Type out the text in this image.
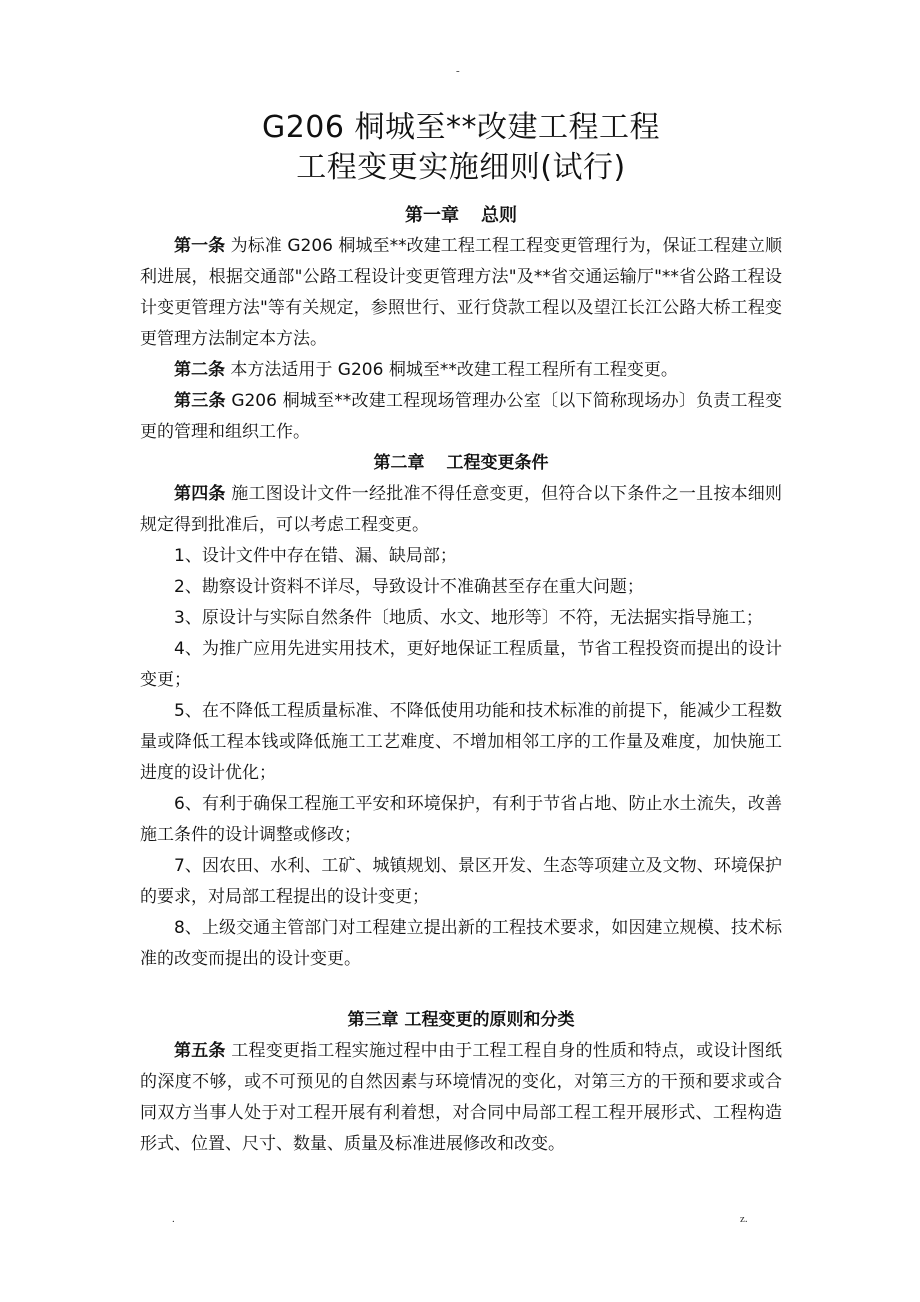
-
G206 桐城至**改建工程工程
工程变更实施细则(试行)
第一章 总则

第一条 为标准 G206 桐城至**改建工程工程工程变更管理行为，保证工程建立顺利进展，根据交通部"公路工程设计变更管理方法"及**省交通运输厅"**省公路工程设计变更管理方法"等有关规定，参照世行、亚行贷款工程以及望江长江公路大桥工程变更管理方法制定本方法。

第二条 本方法适用于 G206 桐城至**改建工程工程所有工程变更。

第三条 G206 桐城至**改建工程现场管理办公室〔以下简称现场办〕负责工程变更的管理和组织工作。

第二章 工程变更条件

第四条 施工图设计文件一经批准不得任意变更，但符合以下条件之一且按本细则规定得到批准后，可以考虑工程变更。

1、设计文件中存在错、漏、缺局部；

2、勘察设计资料不详尽，导致设计不准确甚至存在重大问题；

3、原设计与实际自然条件〔地质、水文、地形等〕不符，无法据实指导施工；

4、为推广应用先进实用技术，更好地保证工程质量，节省工程投资而提出的设计变更；

5、在不降低工程质量标准、不降低使用功能和技术标准的前提下，能减少工程数量或降低工程本钱或降低施工工艺难度、不增加相邻工序的工作量及难度，加快施工进度的设计优化；

6、有利于确保工程施工平安和环境保护，有利于节省占地、防止水土流失，改善施工条件的设计调整或修改；

7、因农田、水利、工矿、城镇规划、景区开发、生态等项建立及文物、环境保护的要求，对局部工程提出的设计变更；

8、上级交通主管部门对工程建立提出新的工程技术要求，如因建立规模、技术标准的改变而提出的设计变更。

第三章 工程变更的原则和分类

第五条 工程变更指工程实施过程中由于工程工程自身的性质和特点，或设计图纸的深度不够，或不可预见的自然因素与环境情况的变化，对第三方的干预和要求或合同双方当事人处于对工程开展有利着想，对合同中局部工程工程开展形式、工程构造形式、位置、尺寸、数量、质量及标准进展修改和改变。

.	z.
